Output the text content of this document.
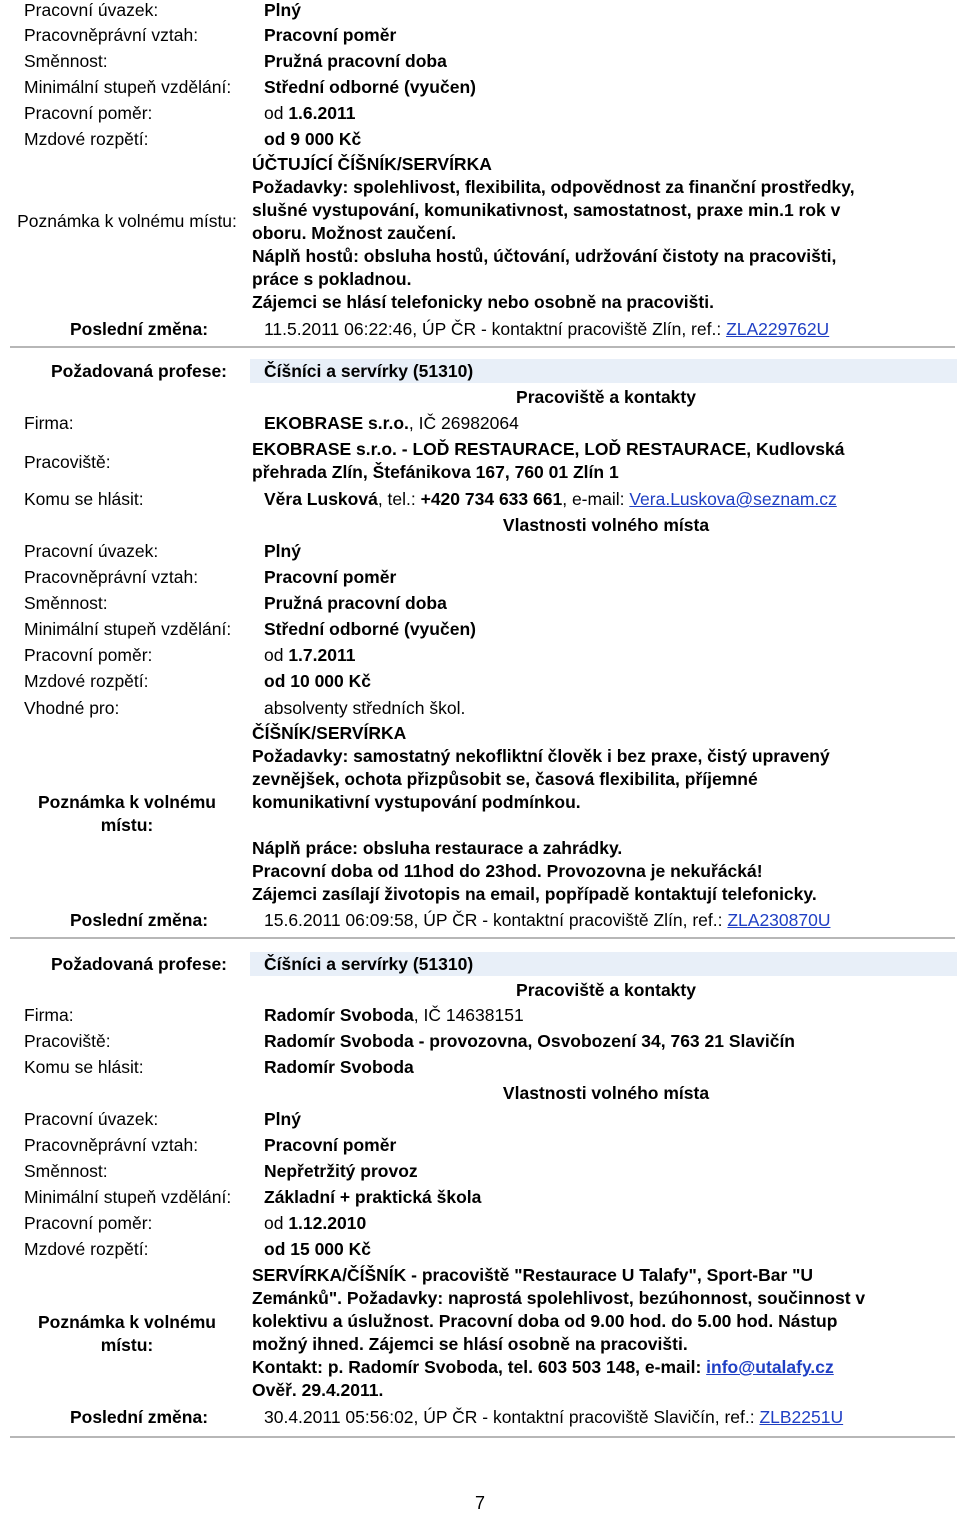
Pracovní úvazek:	Plný
Pracovněprávní vztah:	Pracovní poměr
Směnnost:	Pružná pracovní doba
Minimální stupeň vzdělání:	Střední odborné (vyučen)
Pracovní poměr:	od 1.6.2011
Mzdové rozpětí:	od 9 000 Kč
Poznámka k volnému místu:
ÚČTUJÍCÍ ČÍŠNÍK/SERVÍRKA
Požadavky: spolehlivost, flexibilita, odpovědnost za finanční prostředky,
slušné vystupování, komunikativnost, samostatnost, praxe min.1 rok v
oboru. Možnost zaučení.
Náplň hostů: obsluha hostů, účtování, udržování čistoty na pracovišti,
práce s pokladnou.
Zájemci se hlásí telefonicky nebo osobně na pracovišti.
Poslední změna:	11.5.2011 06:22:46, ÚP ČR - kontaktní pracoviště Zlín, ref.: ZLA229762U
Požadovaná profese:	Číšníci a servírky (51310)
Pracoviště a kontakty
Firma:	EKOBRASE s.r.o., IČ 26982064
Pracoviště:
EKOBRASE s.r.o. - LOĎ RESTAURACE, LOĎ RESTAURACE, Kudlovská
přehrada Zlín, Štefánikova 167, 760 01 Zlín 1
Komu se hlásit:	Věra Lusková, tel.: +420 734 633 661, e-mail: Vera.Luskova@seznam.cz
Vlastnosti volného místa
Pracovní úvazek:	Plný
Pracovněprávní vztah:	Pracovní poměr
Směnnost:	Pružná pracovní doba
Minimální stupeň vzdělání:	Střední odborné (vyučen)
Pracovní poměr:	od 1.7.2011
Mzdové rozpětí:	od 10 000 Kč
Vhodné pro:	absolventy středních škol.
Poznámka k volnému místu:
ČÍŠNÍK/SERVÍRKA
Požadavky: samostatný nekofliktní člověk i bez praxe, čistý upravený
zevnějšek, ochota přizpůsobit se, časová flexibilita, příjemné
komunikativní vystupování podmínkou.
Náplň práce: obsluha restaurace a zahrádky.
Pracovní doba od 11hod do 23hod. Provozovna je nekuřácká!
Zájemci zasílají životopis na email, popřípadě kontaktují telefonicky.
Poslední změna:	15.6.2011 06:09:58, ÚP ČR - kontaktní pracoviště Zlín, ref.: ZLA230870U
Požadovaná profese:	Číšníci a servírky (51310)
Pracoviště a kontakty
Firma:	Radomír Svoboda, IČ 14638151
Pracoviště:	Radomír Svoboda - provozovna, Osvobození 34, 763 21 Slavičín
Komu se hlásit:	Radomír Svoboda
Vlastnosti volného místa
Pracovní úvazek:	Plný
Pracovněprávní vztah:	Pracovní poměr
Směnnost:	Nepřetržitý provoz
Minimální stupeň vzdělání:	Základní + praktická škola
Pracovní poměr:	od 1.12.2010
Mzdové rozpětí:	od 15 000 Kč
Poznámka k volnému místu:
SERVÍRKA/ČÍŠNÍK - pracoviště "Restaurace U Talafy", Sport-Bar "U
Zemánků". Požadavky: naprostá spolehlivost, bezúhonnost, součinnost v
kolektivu a úslužnost. Pracovní doba od 9.00 hod. do 5.00 hod. Nástup
možný ihned. Zájemci se hlásí osobně na pracovišti.
Kontakt: p. Radomír Svoboda, tel. 603 503 148, e-mail: info@utalafy.cz
Ověř. 29.4.2011.
Poslední změna:	30.4.2011 05:56:02, ÚP ČR - kontaktní pracoviště Slavičín, ref.: ZLB2251U
7
